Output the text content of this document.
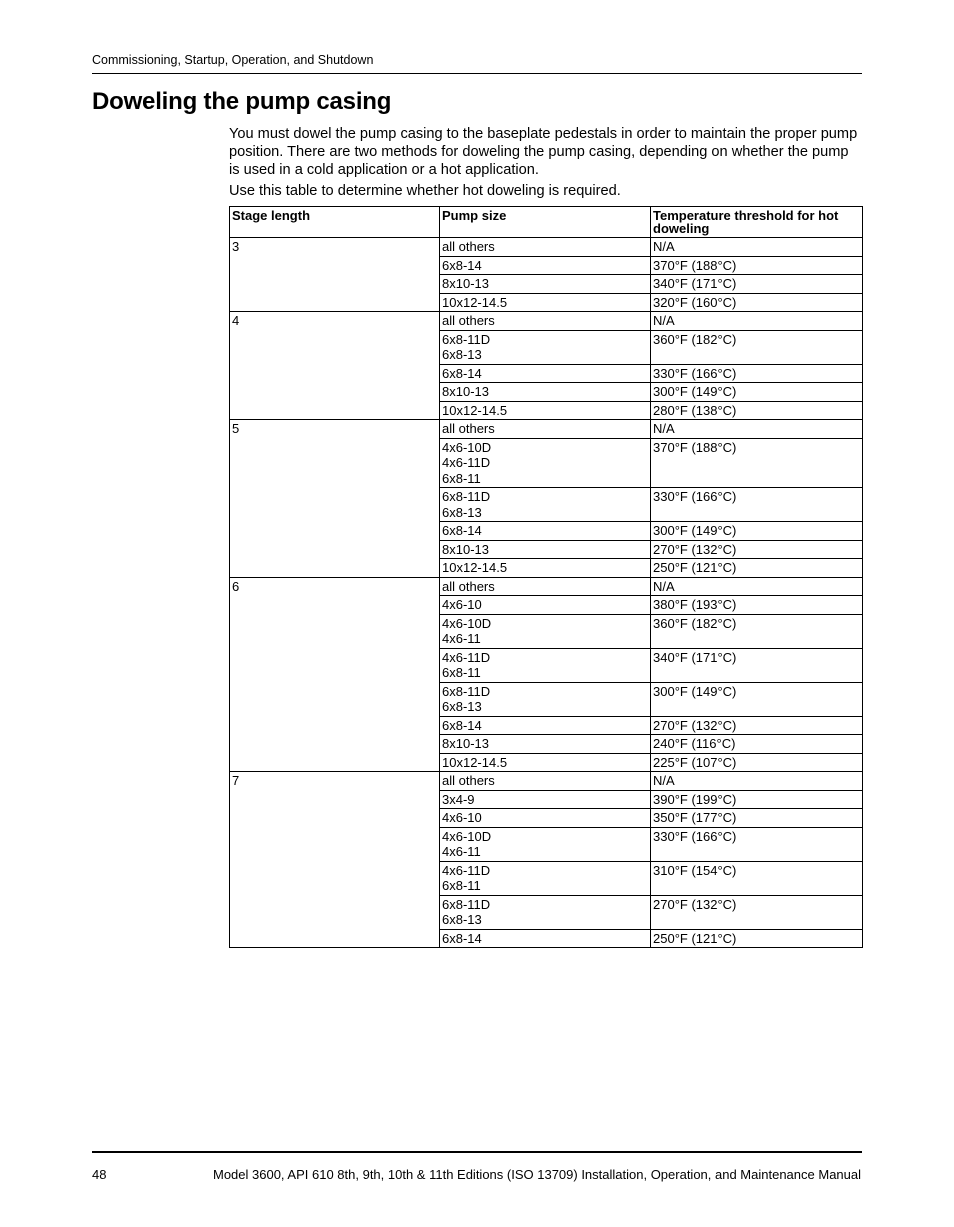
Commissioning, Startup, Operation, and Shutdown
Doweling the pump casing

You must dowel the pump casing to the baseplate pedestals in order to maintain the proper pump position. There are two methods for doweling the pump casing, depending on whether the pump is used in a cold application or a hot application.

Use this table to determine whether hot doweling is required.

Stage length	Pump size	Temperature threshold for hot doweling
3	all others	N/A
	6x8-14	370°F (188°C)
	8x10-13	340°F (171°C)
	10x12-14.5	320°F (160°C)
4	all others	N/A
	6x8-11D
6x8-13	360°F (182°C)
	6x8-14	330°F (166°C)
	8x10-13	300°F (149°C)
	10x12-14.5	280°F (138°C)
5	all others	N/A
	4x6-10D
4x6-11D
6x8-11	370°F (188°C)
	6x8-11D
6x8-13	330°F (166°C)
	6x8-14	300°F (149°C)
	8x10-13	270°F (132°C)
	10x12-14.5	250°F (121°C)
6	all others	N/A
	4x6-10	380°F (193°C)
	4x6-10D
4x6-11	360°F (182°C)
	4x6-11D
6x8-11	340°F (171°C)
	6x8-11D
6x8-13	300°F (149°C)
	6x8-14	270°F (132°C)
	8x10-13	240°F (116°C)
	10x12-14.5	225°F (107°C)
7	all others	N/A
	3x4-9	390°F (199°C)
	4x6-10	350°F (177°C)
	4x6-10D
4x6-11	330°F (166°C)
	4x6-11D
6x8-11	310°F (154°C)
	6x8-11D
6x8-13	270°F (132°C)
	6x8-14	250°F (121°C)
48	Model 3600, API 610 8th, 9th, 10th & 11th Editions (ISO 13709) Installation, Operation, and Maintenance Manual
